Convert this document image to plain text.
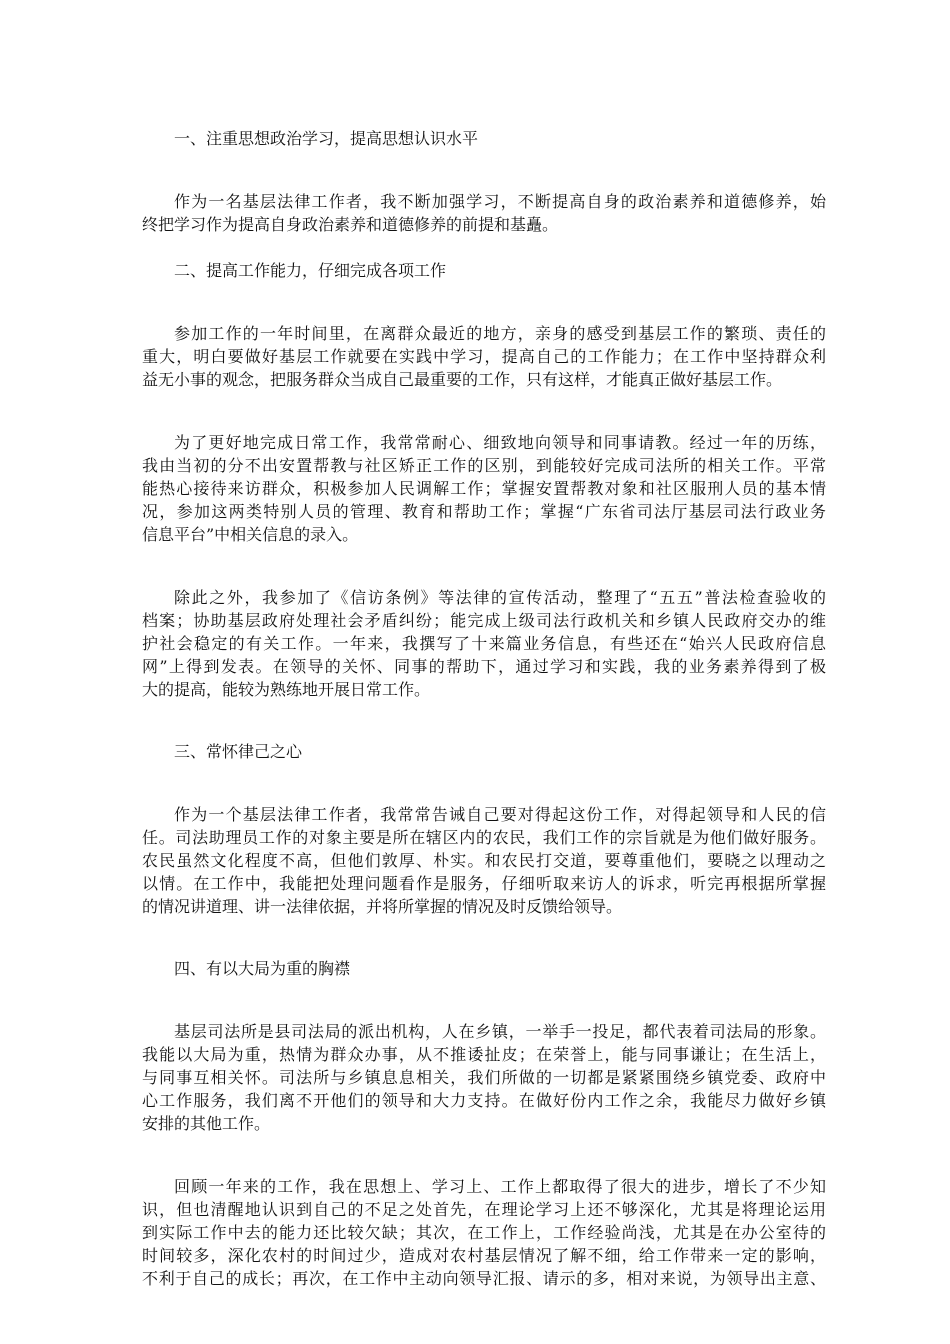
一、注重思想政治学习，提高思想认识水平
作为一名基层法律工作者，我不断加强学习，不断提高自身的政治素养和道德修养，始
终把学习作为提高自身政治素养和道德修养的前提和基矗。
二、提高工作能力，仔细完成各项工作
参加工作的一年时间里，在离群众最近的地方，亲身的感受到基层工作的繁琐、责任的
重大，明白要做好基层工作就要在实践中学习，提高自己的工作能力；在工作中坚持群众利
益无小事的观念，把服务群众当成自己最重要的工作，只有这样，才能真正做好基层工作。
为了更好地完成日常工作，我常常耐心、细致地向领导和同事请教。经过一年的历练，
我由当初的分不出安置帮教与社区矫正工作的区别，到能较好完成司法所的相关工作。平常
能热心接待来访群众，积极参加人民调解工作；掌握安置帮教对象和社区服刑人员的基本情
况，参加这两类特别人员的管理、教育和帮助工作；掌握“广东省司法厅基层司法行政业务
信息平台”中相关信息的录入。
除此之外，我参加了《信访条例》等法律的宣传活动，整理了“五五”普法检查验收的
档案；协助基层政府处理社会矛盾纠纷；能完成上级司法行政机关和乡镇人民政府交办的维
护社会稳定的有关工作。一年来，我撰写了十来篇业务信息，有些还在“始兴人民政府信息
网”上得到发表。在领导的关怀、同事的帮助下，通过学习和实践，我的业务素养得到了极
大的提高，能较为熟练地开展日常工作。
三、常怀律己之心
作为一个基层法律工作者，我常常告诫自己要对得起这份工作，对得起领导和人民的信
任。司法助理员工作的对象主要是所在辖区内的农民，我们工作的宗旨就是为他们做好服务。
农民虽然文化程度不高，但他们敦厚、朴实。和农民打交道，要尊重他们，要晓之以理动之
以情。在工作中，我能把处理问题看作是服务，仔细听取来访人的诉求，听完再根据所掌握
的情况讲道理、讲一法律依据，并将所掌握的情况及时反馈给领导。
四、有以大局为重的胸襟
基层司法所是县司法局的派出机构，人在乡镇，一举手一投足，都代表着司法局的形象。
我能以大局为重，热情为群众办事，从不推诿扯皮；在荣誉上，能与同事谦让；在生活上，
与同事互相关怀。司法所与乡镇息息相关，我们所做的一切都是紧紧围绕乡镇党委、政府中
心工作服务，我们离不开他们的领导和大力支持。在做好份内工作之余，我能尽力做好乡镇
安排的其他工作。
回顾一年来的工作，我在思想上、学习上、工作上都取得了很大的进步，增长了不少知
识，但也清醒地认识到自己的不足之处首先，在理论学习上还不够深化，尤其是将理论运用
到实际工作中去的能力还比较欠缺；其次，在工作上，工作经验尚浅，尤其是在办公室待的
时间较多，深化农村的时间过少，造成对农村基层情况了解不细，给工作带来一定的影响，
不利于自己的成长；再次，在工作中主动向领导汇报、请示的多，相对来说，为领导出主意、
